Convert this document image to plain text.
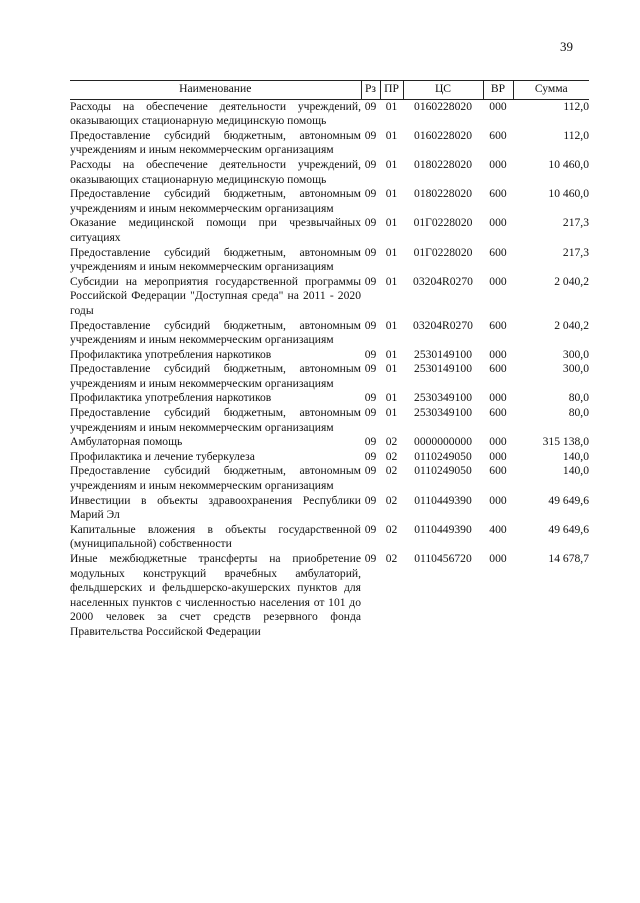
39
Наименование	Рз	ПР	ЦС	ВР	Сумма
Расходы на обеспечение деятельности учреждений, оказывающих стационарную медицинскую помощь	09	01	0160228020	000	112,0
Предоставление субсидий бюджетным, автономным учреждениям и иным некоммерческим организациям	09	01	0160228020	600	112,0
Расходы на обеспечение деятельности учреждений, оказывающих стационарную медицинскую помощь	09	01	0180228020	000	10 460,0
Предоставление субсидий бюджетным, автономным учреждениям и иным некоммерческим организациям	09	01	0180228020	600	10 460,0
Оказание медицинской помощи при чрезвычайных ситуациях	09	01	01Г0228020	000	217,3
Предоставление субсидий бюджетным, автономным учреждениям и иным некоммерческим организациям	09	01	01Г0228020	600	217,3
Субсидии на мероприятия государственной программы Российской Федерации "Доступная среда" на 2011 - 2020 годы	09	01	03204R0270	000	2 040,2
Предоставление субсидий бюджетным, автономным учреждениям и иным некоммерческим организациям	09	01	03204R0270	600	2 040,2
Профилактика употребления наркотиков	09	01	2530149100	000	300,0
Предоставление субсидий бюджетным, автономным учреждениям и иным некоммерческим организациям	09	01	2530149100	600	300,0
Профилактика употребления наркотиков	09	01	2530349100	000	80,0
Предоставление субсидий бюджетным, автономным учреждениям и иным некоммерческим организациям	09	01	2530349100	600	80,0
Амбулаторная помощь	09	02	0000000000	000	315 138,0
Профилактика и лечение туберкулеза	09	02	0110249050	000	140,0
Предоставление субсидий бюджетным, автономным учреждениям и иным некоммерческим организациям	09	02	0110249050	600	140,0
Инвестиции в объекты здравоохранения Республики Марий Эл	09	02	0110449390	000	49 649,6
Капитальные вложения в объекты государственной (муниципальной) собственности	09	02	0110449390	400	49 649,6
Иные межбюджетные трансферты на приобретение модульных конструкций врачебных амбулаторий, фельдшерских и фельдшерско-акушерских пунктов для населенных пунктов с численностью населения от 101 до 2000 человек за счет средств резервного фонда Правительства Российской Федерации	09	02	0110456720	000	14 678,7
